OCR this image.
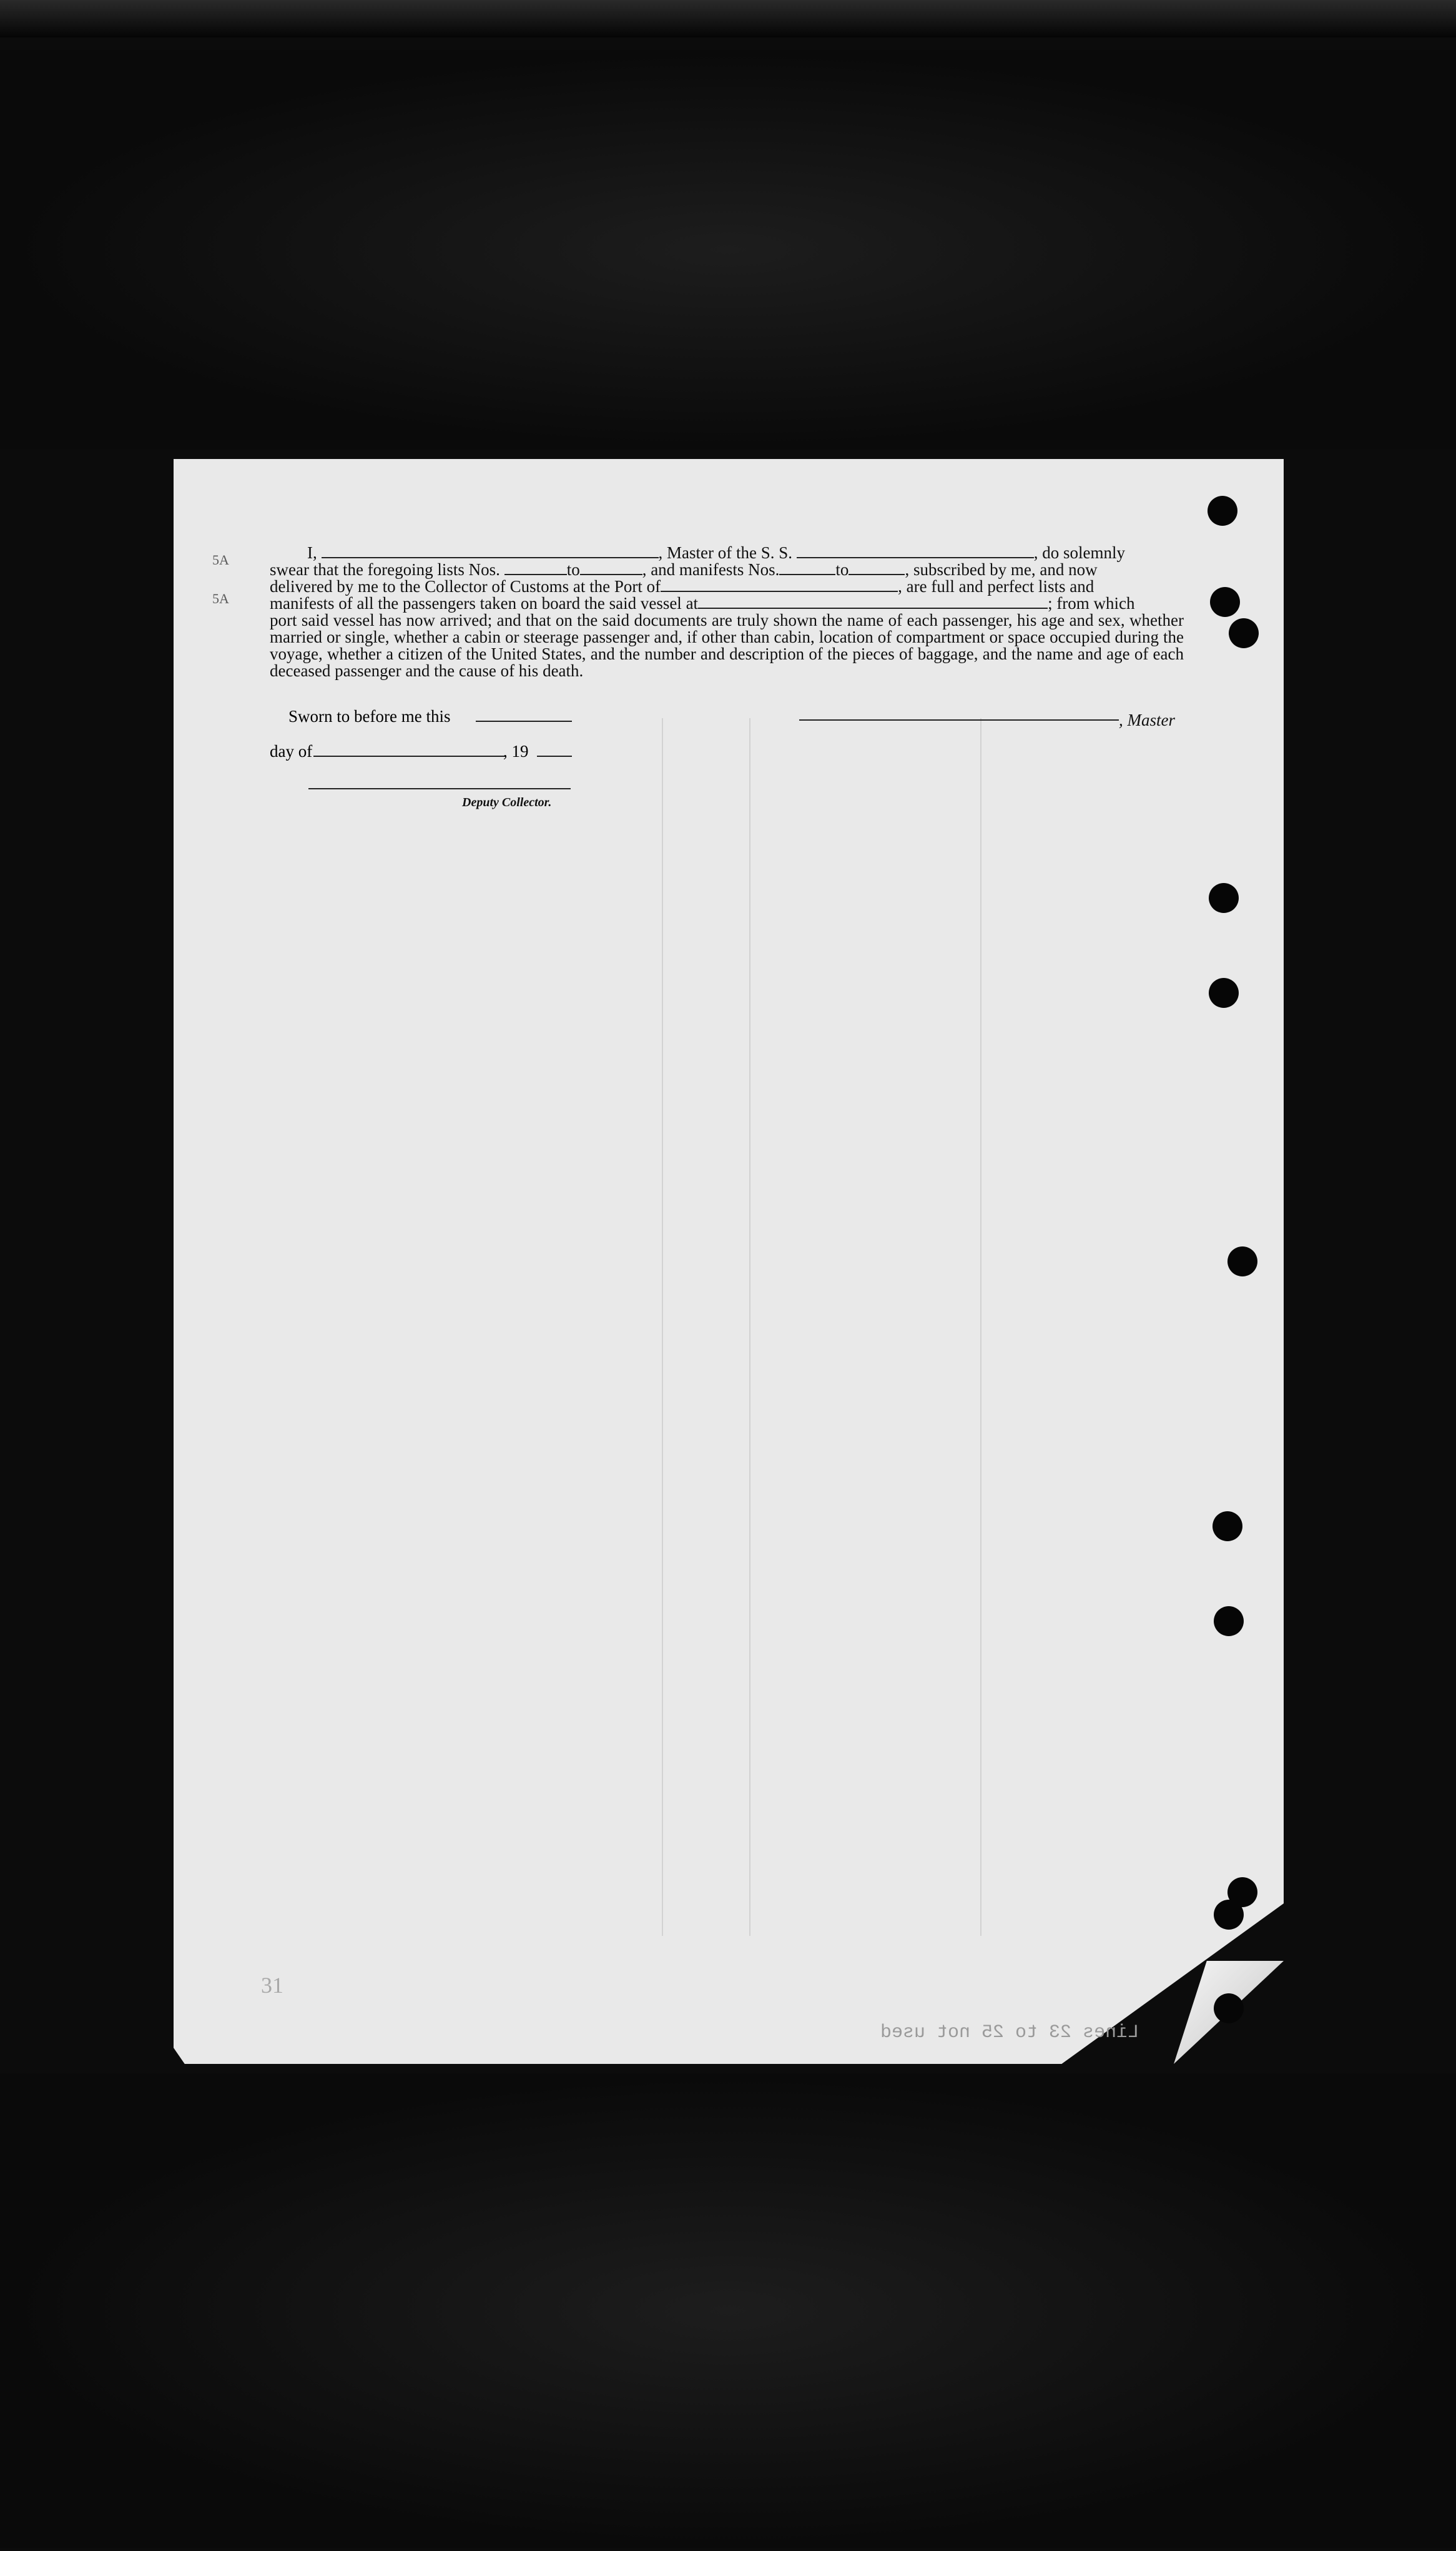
5A
5A

I,	, Master of the S. S.	, do solemnly

swear that the foregoing lists Nos.	to	, and manifests Nos.	to	, subscribed by me, and now

delivered by me to the Collector of Customs at the Port of	, are full and perfect lists and

manifests of all the passengers taken on board the said vessel at	; from which

port said vessel has now arrived; and that on the said documents are truly shown the name of each passenger, his age and sex, whether married or single, whether a cabin or steerage passenger and, if other than cabin, location of compartment or space occupied during the voyage, whether a citizen of the United States, and the number and description of the pieces of baggage, and the name and age of each deceased passenger and the cause of his death.

Sworn to before me this
day of	, 19
Deputy Collector.
, Master
31
Lines 23 to 25 not used
